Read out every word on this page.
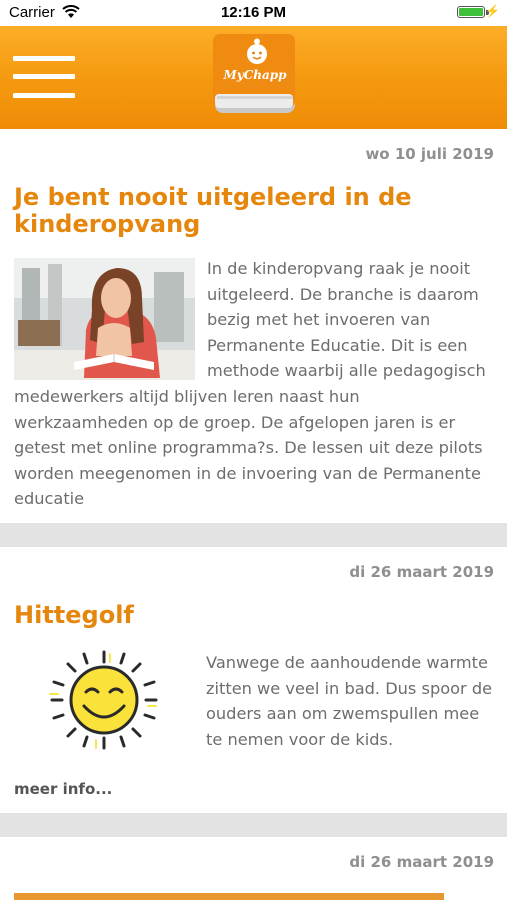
Carrier	12:16 PM	⚡
MyChapp
wo 10 juli 2019
Je bent nooit uitgeleerd in de kinderopvang
In de kinderopvang raak je nooit uitgeleerd. De branche is daarom bezig met het invoeren van Permanente Educatie. Dit is een methode waarbij alle pedagogisch medewerkers altijd blijven leren naast hun werkzaamheden op de groep. De afgelopen jaren is er getest met online programma?s. De lessen uit deze pilots worden meegenomen in de invoering van de Permanente educatie
di 26 maart 2019
Hittegolf
Vanwege de aanhoudende warmte zitten we veel in bad. Dus spoor de ouders aan om zwemspullen mee te nemen voor de kids.
meer info...
di 26 maart 2019
